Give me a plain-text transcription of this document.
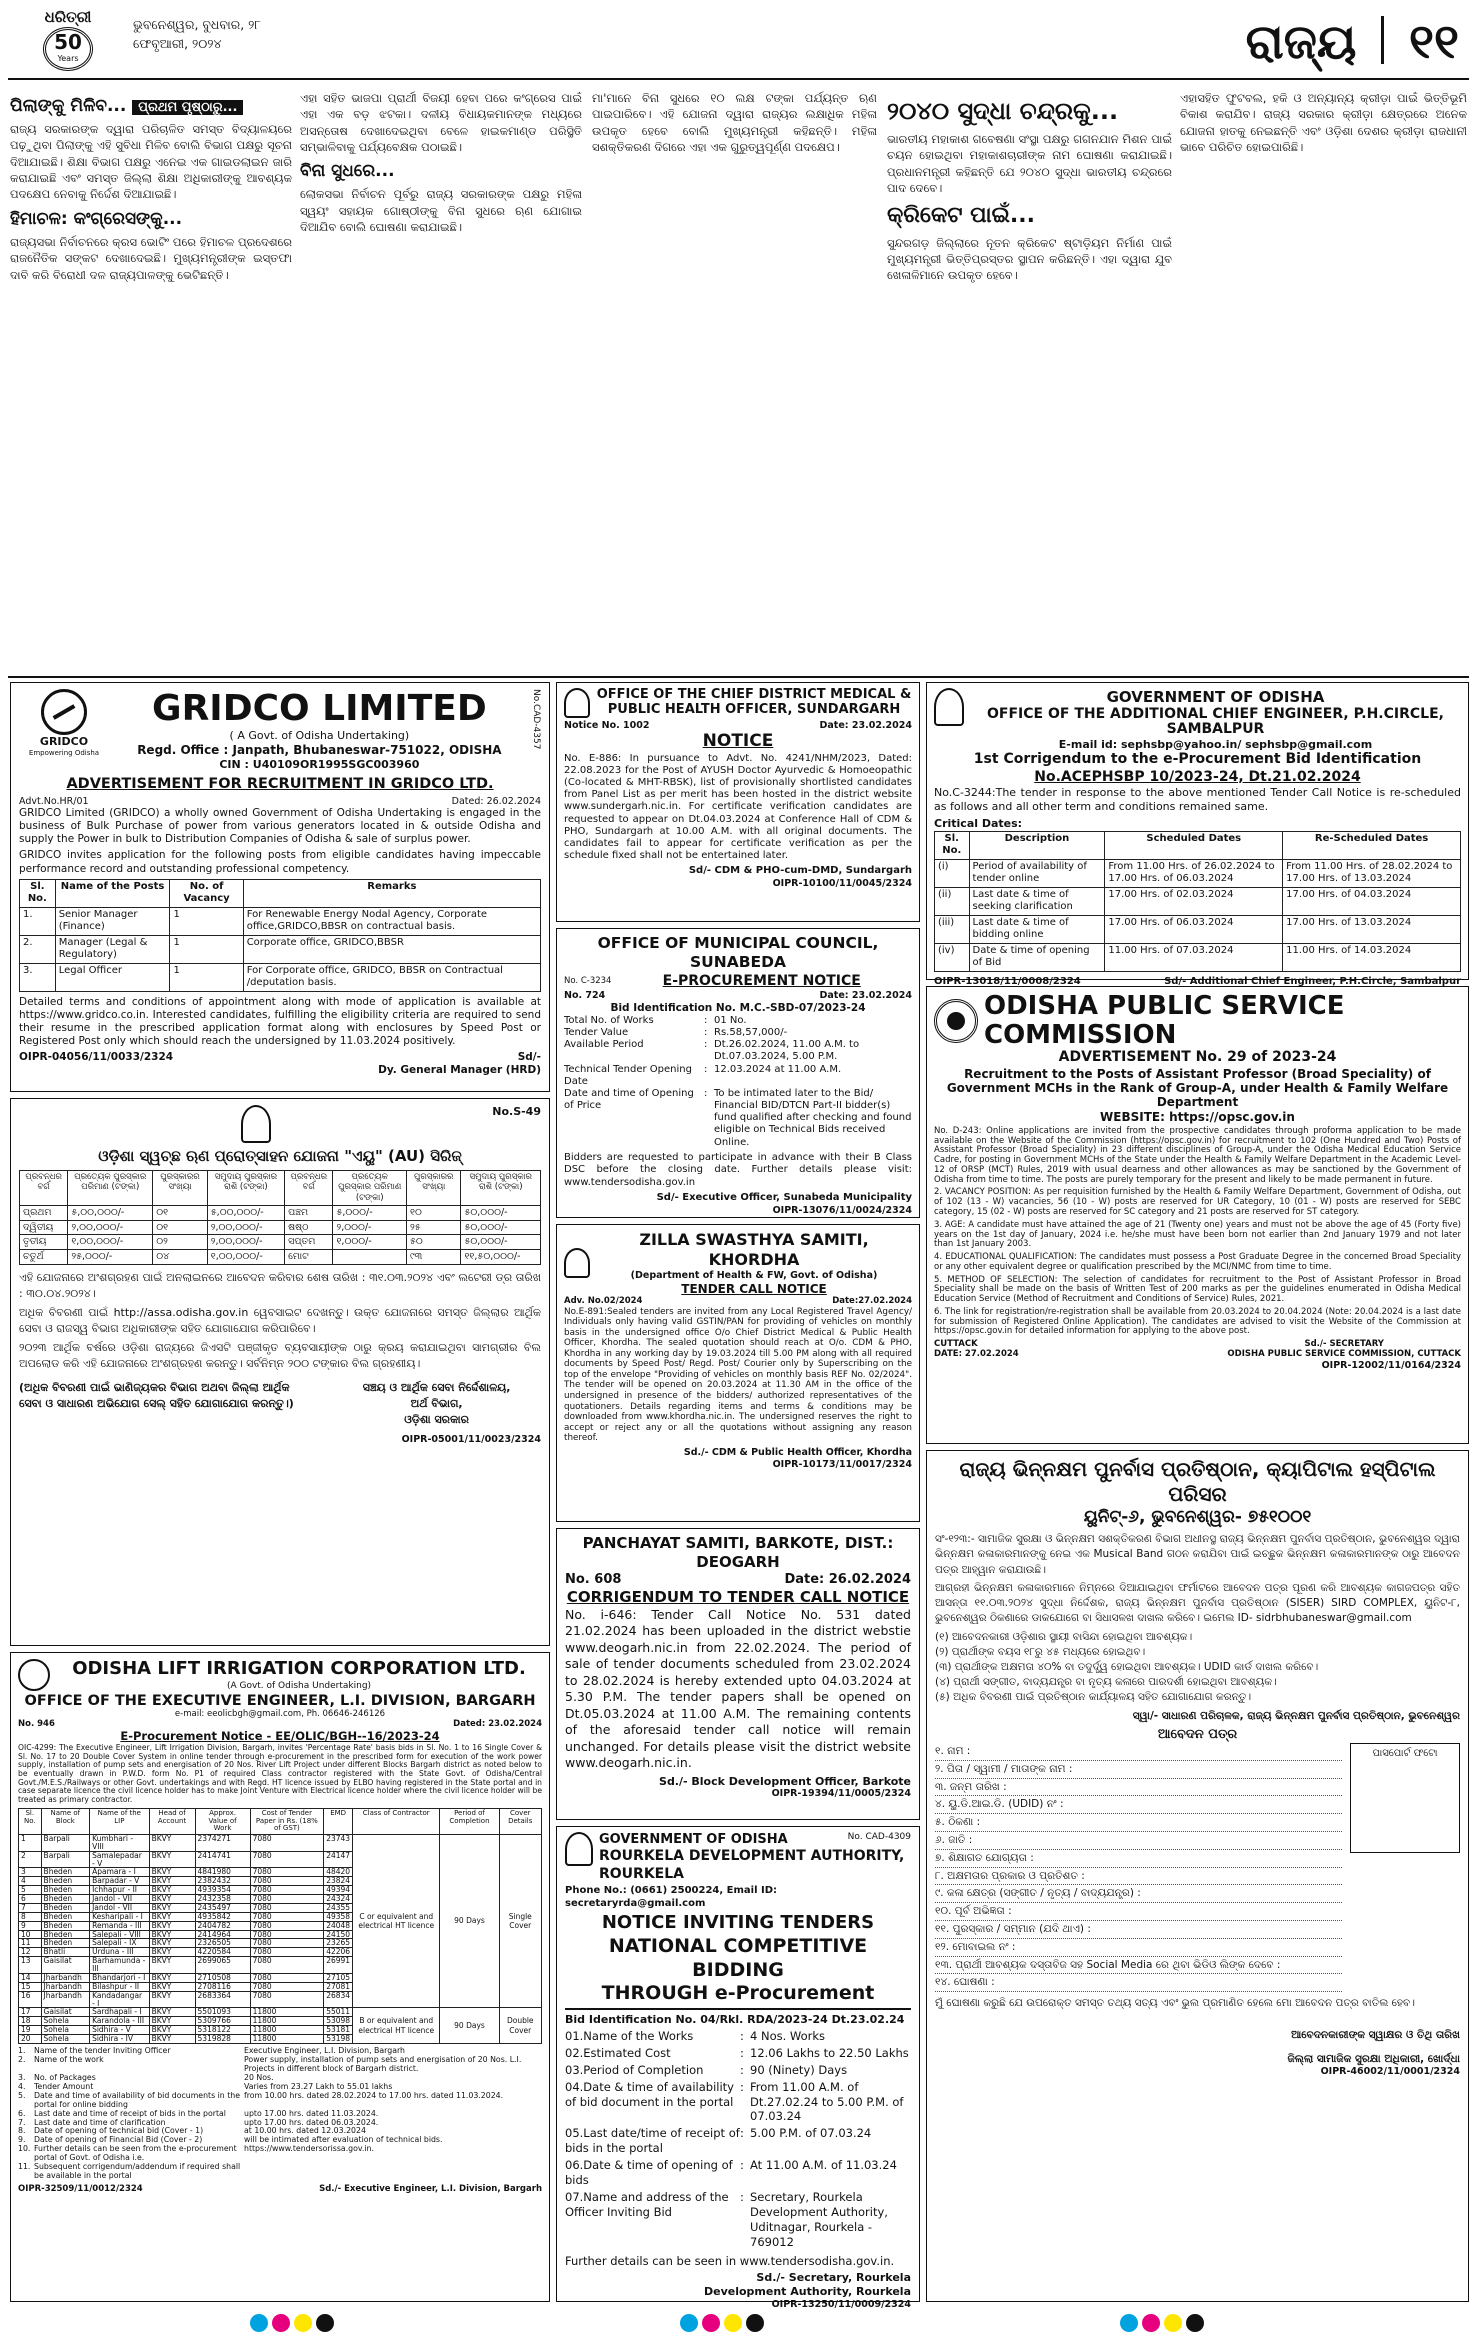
ଧରିତ୍ରୀ
50
Years
ଭୁବନେଶ୍ୱର, ବୁଧବାର, ୨୮ ଫେବୃଆରୀ, ୨୦୨୪	ରାଜ୍ୟ ୧୧
ପିଲାଙ୍କୁ ମିଳିବ... ପ୍ରଥମ ପୃଷ୍ଠାରୁ...

ରାଜ୍ୟ ସରକାରଙ୍କ ଦ୍ୱାରା ପରିଚାଳିତ ସମସ୍ତ ବିଦ୍ୟାଳୟରେ ପଢ଼ୁଥିବା ପିଲାଙ୍କୁ ଏହି ସୁବିଧା ମିଳିବ ବୋଲି ବିଭାଗ ପକ୍ଷରୁ ସୂଚନା ଦିଆଯାଇଛି। ଶିକ୍ଷା ବିଭାଗ ପକ୍ଷରୁ ଏନେଇ ଏକ ଗାଇଡଲାଇନ ଜାରି କରାଯାଇଛି ଏବଂ ସମସ୍ତ ଜିଲ୍ଲା ଶିକ୍ଷା ଅଧିକାରୀଙ୍କୁ ଆବଶ୍ୟକ ପଦକ୍ଷେପ ନେବାକୁ ନିର୍ଦ୍ଦେଶ ଦିଆଯାଇଛି।

ହିମାଚଳ: କଂଗ୍ରେସଙ୍କୁ...

ରାଜ୍ୟସଭା ନିର୍ବାଚନରେ କ୍ରସ ଭୋଟିଂ ପରେ ହିମାଚଳ ପ୍ରଦେଶରେ ରାଜନୈତିକ ସଙ୍କଟ ଦେଖାଦେଇଛି। ମୁଖ୍ୟମନ୍ତ୍ରୀଙ୍କ ଇସ୍ତଫା ଦାବି କରି ବିରୋଧୀ ଦଳ ରାଜ୍ୟପାଳଙ୍କୁ ଭେଟିଛନ୍ତି।

ଏହା ସହିତ ଭାଜପା ପ୍ରାର୍ଥୀ ବିଜୟୀ ହେବା ପରେ କଂଗ୍ରେସ ପାଇଁ ଏହା ଏକ ବଡ଼ ଝଟକା। ଦଳୀୟ ବିଧାୟକମାନଙ୍କ ମଧ୍ୟରେ ଅସନ୍ତୋଷ ଦେଖାଦେଇଥିବା ବେଳେ ହାଇକମାଣ୍ଡ ପରିସ୍ଥିତି ସମ୍ଭାଳିବାକୁ ପର୍ଯ୍ୟବେକ୍ଷକ ପଠାଇଛି।

ବିନା ସୁଧରେ...

ଲୋକସଭା ନିର୍ବାଚନ ପୂର୍ବରୁ ରାଜ୍ୟ ସରକାରଙ୍କ ପକ୍ଷରୁ ମହିଳା ସ୍ୱୟଂ ସହାୟକ ଗୋଷ୍ଠୀଙ୍କୁ ବିନା ସୁଧରେ ଋଣ ଯୋଗାଇ ଦିଆଯିବ ବୋଲି ଘୋଷଣା କରାଯାଇଛି।

ମା'ମାନେ ବିନା ସୁଧରେ ୧୦ ଲକ୍ଷ ଟଙ୍କା ପର୍ଯ୍ୟନ୍ତ ଋଣ ପାଇପାରିବେ। ଏହି ଯୋଜନା ଦ୍ୱାରା ରାଜ୍ୟର ଲକ୍ଷାଧିକ ମହିଳା ଉପକୃତ ହେବେ ବୋଲି ମୁଖ୍ୟମନ୍ତ୍ରୀ କହିଛନ୍ତି। ମହିଳା ସଶକ୍ତିକରଣ ଦିଗରେ ଏହା ଏକ ଗୁରୁତ୍ୱପୂର୍ଣ୍ଣ ପଦକ୍ଷେପ।

୨୦୪୦ ସୁଦ୍ଧା ଚନ୍ଦ୍ରକୁ...

ଭାରତୀୟ ମହାକାଶ ଗବେଷଣା ସଂସ୍ଥା ପକ୍ଷରୁ ଗଗନଯାନ ମିଶନ ପାଇଁ ଚୟନ ହୋଇଥିବା ମହାକାଶଚାରୀଙ୍କ ନାମ ଘୋଷଣା କରାଯାଇଛି। ପ୍ରଧାନମନ୍ତ୍ରୀ କହିଛନ୍ତି ଯେ ୨୦୪୦ ସୁଦ୍ଧା ଭାରତୀୟ ଚନ୍ଦ୍ରରେ ପାଦ ଦେବେ।

କ୍ରିକେଟ ପାଇଁ...

ସୁନ୍ଦରଗଡ଼ ଜିଲ୍ଲାରେ ନୂତନ କ୍ରିକେଟ ଷ୍ଟାଡ଼ିୟମ ନିର୍ମାଣ ପାଇଁ ମୁଖ୍ୟମନ୍ତ୍ରୀ ଭିତ୍ତିପ୍ରସ୍ତର ସ୍ଥାପନ କରିଛନ୍ତି। ଏହା ଦ୍ୱାରା ଯୁବ ଖେଳାଳିମାନେ ଉପକୃତ ହେବେ।

ଏହାସହିତ ଫୁଟବଲ, ହକି ଓ ଅନ୍ୟାନ୍ୟ କ୍ରୀଡ଼ା ପାଇଁ ଭିତ୍ତିଭୂମି ବିକାଶ କରାଯିବ। ରାଜ୍ୟ ସରକାର କ୍ରୀଡ଼ା କ୍ଷେତ୍ରରେ ଅନେକ ଯୋଜନା ହାତକୁ ନେଇଛନ୍ତି ଏବଂ ଓଡ଼ିଶା ଦେଶର କ୍ରୀଡ଼ା ରାଜଧାନୀ ଭାବେ ପରିଚିତ ହୋଇପାରିଛି।

GRIDCO
Empowering Odisha
GRIDCO LIMITED
( A Govt. of Odisha Undertaking)
Regd. Office : Janpath, Bhubaneswar-751022, ODISHA
CIN : U40109OR1995SGC003960
No.CAD-4357
ADVERTISEMENT FOR RECRUITMENT IN GRIDCO LTD.
Advt.No.HR/01	Dated: 26.02.2024

GRIDCO Limited (GRIDCO) a wholly owned Government of Odisha Undertaking is engaged in the business of Bulk Purchase of power from various generators located in & outside Odisha and supply the Power in bulk to Distribution Companies of Odisha & sale of surplus power.

GRIDCO invites application for the following posts from eligible candidates having impeccable performance record and outstanding professional competency.

Sl. No.	Name of the Posts	No. of Vacancy	Remarks
1.	Senior Manager (Finance)	1	For Renewable Energy Nodal Agency, Corporate office,GRIDCO,BBSR on contractual basis.
2.	Manager (Legal & Regulatory)	1	Corporate office, GRIDCO,BBSR
3.	Legal Officer	1	For Corporate office, GRIDCO, BBSR on Contractual /deputation basis.

Detailed terms and conditions of appointment along with mode of application is available at https://www.gridco.co.in. Interested candidates, fulfilling the eligibility criteria are required to send their resume in the prescribed application format along with enclosures by Speed Post or Registered Post only which should reach the undersigned by 11.03.2024 positively.

OIPR-04056/11/0033/2324	Sd/-
Dy. General Manager (HRD)
OFFICE OF THE CHIEF DISTRICT MEDICAL & PUBLIC HEALTH OFFICER, SUNDARGARH
Notice No. 1002	Date: 23.02.2024
NOTICE

No. E-886: In pursuance to Advt. No. 4241/NHM/2023, Dated: 22.08.2023 for the Post of AYUSH Doctor Ayurvedic & Homoeopathic (Co-located & MHT-RBSK), list of provisionally shortlisted candidates from Panel List as per merit has been hosted in the district website www.sundergarh.nic.in. For certificate verification candidates are requested to appear on Dt.04.03.2024 at Conference Hall of CDM & PHO, Sundargarh at 10.00 A.M. with all original documents. The candidates fail to appear for certificate verification as per the schedule fixed shall not be entertained later.

Sd/- CDM & PHO-cum-DMD, Sundargarh
OIPR-10100/11/0045/2324
GOVERNMENT OF ODISHA
OFFICE OF THE ADDITIONAL CHIEF ENGINEER, P.H.CIRCLE, SAMBALPUR
E-mail id: sephsbp@yahoo.in/ sephsbp@gmail.com
1st Corrigendum to the e-Procurement Bid Identification
No.ACEPHSBP 10/2023-24, Dt.21.02.2024

No.C-3244:The tender in response to the above mentioned Tender Call Notice is re-scheduled as follows and all other term and conditions remained same.

Critical Dates:
Sl. No.	Description	Scheduled Dates	Re-Scheduled Dates
(i)	Period of availability of tender online	From 11.00 Hrs. of 26.02.2024 to 17.00 Hrs. of 06.03.2024	From 11.00 Hrs. of 28.02.2024 to 17.00 Hrs. of 13.03.2024
(ii)	Last date & time of seeking clarification	17.00 Hrs. of 02.03.2024	17.00 Hrs. of 04.03.2024
(iii)	Last date & time of bidding online	17.00 Hrs. of 06.03.2024	17.00 Hrs. of 13.03.2024
(iv)	Date & time of opening of Bid	11.00 Hrs. of 07.03.2024	11.00 Hrs. of 14.03.2024
OIPR-13018/11/0008/2324	Sd/- Additional Chief Engineer, P.H.Circle, Sambalpur
OFFICE OF MUNICIPAL COUNCIL, SUNABEDA
No. C-3234	E-PROCUREMENT NOTICE
No. 724	Date: 23.02.2024
Bid Identification No. M.C.-SBD-07/2023-24
Total No. of Works	: 01 No.
Tender Value	: Rs.58,57,000/-
Available Period	: Dt.26.02.2024, 11.00 A.M. to Dt.07.03.2024, 5.00 P.M.
Technical Tender Opening Date
: 12.03.2024 at 11.00 A.M.
Date and time of Opening of Price
: To be intimated later to the Bid/ Financial BID/DTCN Part-II bidder(s) fund qualified after checking and found eligible on Technical Bids received Online.

Bidders are requested to participate in advance with their B Class DSC before the closing date. Further details please visit: www.tendersodisha.gov.in

Sd/- Executive Officer, Sunabeda Municipality
OIPR-13076/11/0024/2324
ODISHA PUBLIC SERVICE COMMISSION
ADVERTISEMENT No. 29 of 2023-24
Recruitment to the Posts of Assistant Professor (Broad Speciality) of Government MCHs in the Rank of Group-A, under Health & Family Welfare Department
WEBSITE: https://opsc.gov.in

No. D-243: Online applications are invited from the prospective candidates through proforma application to be made available on the Website of the Commission (https://opsc.gov.in) for recruitment to 102 (One Hundred and Two) Posts of Assistant Professor (Broad Speciality) in 23 different disciplines of Group-A, under the Odisha Medical Education Service Cadre, for posting in Government MCHs of the State under the Health & Family Welfare Department in the Academic Level-12 of ORSP (MCT) Rules, 2019 with usual dearness and other allowances as may be sanctioned by the Government of Odisha from time to time. The posts are purely temporary for the present and likely to be made permanent in future.

2. VACANCY POSITION: As per requisition furnished by the Health & Family Welfare Department, Government of Odisha, out of 102 (13 - W) vacancies, 56 (10 - W) posts are reserved for UR Category, 10 (01 - W) posts are reserved for SEBC category, 15 (02 - W) posts are reserved for SC category and 21 posts are reserved for ST category.

3. AGE: A candidate must have attained the age of 21 (Twenty one) years and must not be above the age of 45 (Forty five) years on the 1st day of January, 2024 i.e. he/she must have been born not earlier than 2nd January 1979 and not later than 1st January 2003.

4. EDUCATIONAL QUALIFICATION: The candidates must possess a Post Graduate Degree in the concerned Broad Speciality or any other equivalent degree or qualification prescribed by the MCI/NMC from time to time.

5. METHOD OF SELECTION: The selection of candidates for recruitment to the Post of Assistant Professor in Broad Speciality shall be made on the basis of Written Test of 200 marks as per the guidelines enumerated in Odisha Medical Education Service (Method of Recruitment and Conditions of Service) Rules, 2021.

6. The link for registration/re-registration shall be available from 20.03.2024 to 20.04.2024 (Note: 20.04.2024 is a last date for submission of Registered Online Application). The candidates are advised to visit the Website of the Commission at https://opsc.gov.in for detailed information for applying to the above post.

CUTTACK
DATE: 27.02.2024
Sd./- SECRETARY
ODISHA PUBLIC SERVICE COMMISSION, CUTTACK
OIPR-12002/11/0164/2324
No.S-49
ଓଡ଼ିଶା ସ୍ୱଚ୍ଛ ଋଣ ପ୍ରୋତ୍ସାହନ ଯୋଜନା "ଏୟୁ" (AU) ସିରିଜ୍
ପ୍ରବନ୍ଧର ବର୍ଗ	ପ୍ରତ୍ୟେକ ପୁରସ୍କାର ପରିମାଣ (ଟଙ୍କା)	ପୁରସ୍କାରର ସଂଖ୍ୟା	ସମୁଦାୟ ପୁରସ୍କାର ରାଶି (ଟଙ୍କା)	ପ୍ରବନ୍ଧର ବର୍ଗ	ପ୍ରତ୍ୟେକ ପୁରସ୍କାର ପରିମାଣ (ଟଙ୍କା)	ପୁରସ୍କାରର ସଂଖ୍ୟା	ସମୁଦାୟ ପୁରସ୍କାର ରାଶି (ଟଙ୍କା)
ପ୍ରଥମ	୫,୦୦,୦୦୦/-	୦୧	୫,୦୦,୦୦୦/-	ପଞ୍ଚମ	୫,୦୦୦/-	୧୦	୫୦,୦୦୦/-
ଦ୍ୱିତୀୟ	୨,୦୦,୦୦୦/-	୦୧	୨,୦୦,୦୦୦/-	ଷଷ୍ଠ	୨,୦୦୦/-	୨୫	୫୦,୦୦୦/-
ତୃତୀୟ	୧,୦୦,୦୦୦/-	୦୨	୨,୦୦,୦୦୦/-	ସପ୍ତମ	୧,୦୦୦/-	୫୦	୫୦,୦୦୦/-
ଚତୁର୍ଥ	୨୫,୦୦୦/-	୦୪	୧,୦୦,୦୦୦/-	ମୋଟ		୯୩	୧୧,୫୦,୦୦୦/-

ଏହି ଯୋଜନାରେ ଅଂଶଗ୍ରହଣ ପାଇଁ ଅନଲାଇନରେ ଆବେଦନ କରିବାର ଶେଷ ତାରିଖ : ୩୧.୦୩.୨୦୨୪ ଏବଂ ଲଟେରୀ ଡ୍ର ତାରିଖ : ୩୦.୦୪.୨୦୨୪।

ଅଧିକ ବିବରଣୀ ପାଇଁ http://assa.odisha.gov.in ୱେବସାଇଟ ଦେଖନ୍ତୁ। ଉକ୍ତ ଯୋଜନାରେ ସମସ୍ତ ଜିଲ୍ଲାର ଆର୍ଥିକ ସେବା ଓ ରାଜସ୍ୱ ବିଭାଗ ଅଧିକାରୀଙ୍କ ସହିତ ଯୋଗାଯୋଗ କରିପାରିବେ।

୨୦୨୩ ଆର୍ଥିକ ବର୍ଷରେ ଓଡ଼ିଶା ରାଜ୍ୟରେ ଜିଏସଟି ପଞ୍ଜୀକୃତ ବ୍ୟବସାୟୀଙ୍କ ଠାରୁ କ୍ରୟ କରାଯାଇଥିବା ସାମଗ୍ରୀର ବିଲ ଅପଲୋଡ କରି ଏହି ଯୋଜନାରେ ଅଂଶଗ୍ରହଣ କରନ୍ତୁ। ସର୍ବନିମ୍ନ ୨୦୦ ଟଙ୍କାର ବିଲ ଗ୍ରହଣୀୟ।

(ଅଧିକ ବିବରଣୀ ପାଇଁ ଭାଣିଜ୍ୟକର ବିଭାଗ ଅଥବା ଜିଲ୍ଲା ଆର୍ଥିକ ସେବା ଓ ସାଧାରଣ ଅଭିଯୋଗ ସେଲ୍ ସହିତ ଯୋଗାଯୋଗ କରନ୍ତୁ।)
ସଞ୍ଚୟ ଓ ଆର୍ଥିକ ସେବା ନିର୍ଦ୍ଦେଶାଳୟ,
ଅର୍ଥ ବିଭାଗ,
ଓଡ଼ିଶା ସରକାର
OIPR-05001/11/0023/2324
ZILLA SWASTHYA SAMITI, KHORDHA
(Department of Health & FW, Govt. of Odisha)
TENDER CALL NOTICE
Adv. No.02/2024	Date:27.02.2024

No.E-891:Sealed tenders are invited from any Local Registered Travel Agency/ Individuals only having valid GSTIN/PAN for providing of vehicles on monthly basis in the undersigned office O/o Chief District Medical & Public Health Officer, Khordha. The sealed quotation should reach at O/o. CDM & PHO, Khordha in any working day by 19.03.2024 till 5.00 PM along with all required documents by Speed Post/ Regd. Post/ Courier only by Superscribing on the top of the envelope "Providing of vehicles on monthly basis REF No. 02/2024". The tender will be opened on 20.03.2024 at 11.30 AM in the office of the undersigned in presence of the bidders/ authorized representatives of the quotationers. Details regarding items and terms & conditions may be downloaded from www.khordha.nic.in. The undersigned reserves the right to accept or reject any or all the quotations without assigning any reason thereof.

Sd./- CDM & Public Health Officer, Khordha
OIPR-10173/11/0017/2324	ରାଜ୍ୟ ଭିନ୍ନକ୍ଷମ ପୁନର୍ବାସ ପ୍ରତିଷ୍ଠାନ, କ୍ୟାପିଟାଲ ହସ୍ପିଟାଲ ପରିସର
ୟୁନିଟ୍-୬, ଭୁବନେଶ୍ୱର- ୭୫୧୦୦୧

ସଂ-୧୨୩:- ସାମାଜିକ ସୁରକ୍ଷା ଓ ଭିନ୍ନକ୍ଷମ ସଶକ୍ତିକରଣ ବିଭାଗ ଅଧୀନସ୍ଥ ରାଜ୍ୟ ଭିନ୍ନକ୍ଷମ ପୁନର୍ବାସ ପ୍ରତିଷ୍ଠାନ, ଭୁବନେଶ୍ୱର ଦ୍ୱାରା ଭିନ୍ନକ୍ଷମ କଳାକାରମାନଙ୍କୁ ନେଇ ଏକ Musical Band ଗଠନ କରାଯିବା ପାଇଁ ଇଚ୍ଛୁକ ଭିନ୍ନକ୍ଷମ କଳାକାରମାନଙ୍କ ଠାରୁ ଆବେଦନ ପତ୍ର ଆହ୍ୱାନ କରାଯାଉଛି।

ଆଗ୍ରହୀ ଭିନ୍ନକ୍ଷମ କଳାକାରମାନେ ନିମ୍ନରେ ଦିଆଯାଇଥିବା ଫର୍ମାଟରେ ଆବେଦନ ପତ୍ର ପୂରଣ କରି ଆବଶ୍ୟକ କାଗଜପତ୍ର ସହିତ ଆସନ୍ତା ୧୧.୦୩.୨୦୨୪ ସୁଦ୍ଧା ନିର୍ଦ୍ଦେଶକ, ରାଜ୍ୟ ଭିନ୍ନକ୍ଷମ ପୁନର୍ବାସ ପ୍ରତିଷ୍ଠାନ (SISER) SIRD COMPLEX, ୟୁନିଟ-୮, ଭୁବନେଶ୍ୱର ଠିକଣାରେ ଡାକଯୋଗେ ବା ସିଧାସଳଖ ଦାଖଲ କରିବେ। ଇମେଲ ID- sidrbhubaneswar@gmail.com

(୧) ଆବେଦନକାରୀ ଓଡ଼ିଶାର ସ୍ଥାୟୀ ବାସିନ୍ଦା ହୋଇଥିବା ଆବଶ୍ୟକ।
(୨) ପ୍ରାର୍ଥୀଙ୍କ ବୟସ ୧୮ରୁ ୪୫ ମଧ୍ୟରେ ହୋଇଥିବ।
(୩) ପ୍ରାର୍ଥୀଙ୍କ ଅକ୍ଷମତା ୪୦% ବା ତଦୁର୍ଦ୍ଧ୍ୱ ହୋଇଥିବା ଆବଶ୍ୟକ। UDID କାର୍ଡ ଦାଖଲ କରିବେ।
(୪) ପ୍ରାର୍ଥୀ ସଙ୍ଗୀତ, ବାଦ୍ୟଯନ୍ତ୍ର ବା ନୃତ୍ୟ କଳାରେ ପାରଦର୍ଶୀ ହୋଇଥିବା ଆବଶ୍ୟକ।
(୫) ଅଧିକ ବିବରଣୀ ପାଇଁ ପ୍ରତିଷ୍ଠାନ କାର୍ଯ୍ୟାଳୟ ସହିତ ଯୋଗାଯୋଗ କରନ୍ତୁ।
ସ୍ୱା/- ସାଧାରଣ ପରିଚାଳକ, ରାଜ୍ୟ ଭିନ୍ନକ୍ଷମ ପୁନର୍ବାସ ପ୍ରତିଷ୍ଠାନ, ଭୁବନେଶ୍ୱର
ଆବେଦନ ପତ୍ର
୧. ନାମ :
୨. ପିତା / ସ୍ୱାମୀ / ମାତାଙ୍କ ନାମ :
୩. ଜନ୍ମ ତାରିଖ :
୪. ୟୁ.ଡି.ଆଇ.ଡି. (UDID) ନଂ :
୫. ଠିକଣା :
୬. ଜାତି :
୭. ଶିକ୍ଷାଗତ ଯୋଗ୍ୟତା :
୮. ଅକ୍ଷମତାର ପ୍ରକାର ଓ ପ୍ରତିଶତ :
୯. କଳା କ୍ଷେତ୍ର (ସଙ୍ଗୀତ / ନୃତ୍ୟ / ବାଦ୍ୟଯନ୍ତ୍ର) :
୧୦. ପୂର୍ବ ଅଭିଜ୍ଞତା :
୧୧. ପୁରସ୍କାର / ସମ୍ମାନ (ଯଦି ଥାଏ) :
୧୨. ମୋବାଇଲ ନଂ :
୧୩. ପ୍ରାର୍ଥୀ ଆବଶ୍ୟକ ଦସ୍ତାବିଜ ସହ Social Media ରେ ଥିବା ଭିଡିଓ ଲିଙ୍କ ଦେବେ :
୧୪. ଘୋଷଣା :
ପାସପୋର୍ଟ ଫଟୋ

ମୁଁ ଘୋଷଣା କରୁଛି ଯେ ଉପରୋକ୍ତ ସମସ୍ତ ତଥ୍ୟ ସତ୍ୟ ଏବଂ ଭୁଲ ପ୍ରମାଣିତ ହେଲେ ମୋ ଆବେଦନ ପତ୍ର ବାତିଲ ହେବ।

ଆବେଦନକାରୀଙ୍କ ସ୍ୱାକ୍ଷର ଓ ତିଥି ତାରିଖ
ଜିଲ୍ଲା ସାମାଜିକ ସୁରକ୍ଷା ଅଧିକାରୀ, ଖୋର୍ଦ୍ଧା
OIPR-46002/11/0001/2324
PANCHAYAT SAMITI, BARKOTE, DIST.: DEOGARH
No. 608	Date: 26.02.2024
CORRIGENDUM TO TENDER CALL NOTICE

No. i-646: Tender Call Notice No. 531 dated 21.02.2024 has been uploaded in the district webstie www.deogarh.nic.in from 22.02.2024. The period of sale of tender documents scheduled from 23.02.2024 to 28.02.2024 is hereby extended upto 04.03.2024 at 5.30 P.M. The tender papers shall be opened on Dt.05.03.2024 at 11.00 A.M. The remaining contents of the aforesaid tender call notice will remain unchanged. For details please visit the district website www.deogarh.nic.in.

Sd./- Block Development Officer, Barkote
OIPR-19394/11/0005/2324
ODISHA LIFT IRRIGATION CORPORATION LTD.
(A Govt. of Odisha Undertaking)
OFFICE OF THE EXECUTIVE ENGINEER, L.I. DIVISION, BARGARH
e-mail: eeolicbgh@gmail.com, Ph. 06646-246126
No. 946	Dated: 23.02.2024
E-Procurement Notice - EE/OLIC/BGH--16/2023-24

OIC-4299: The Executive Engineer, Lift Irrigation Division, Bargarh, invites 'Percentage Rate' basis bids in Sl. No. 1 to 16 Single Cover & Sl. No. 17 to 20 Double Cover System in online tender through e-procurement in the prescribed form for execution of the work power supply, installation of pump sets and energisation of 20 Nos. River Lift Project under different Blocks Bargarh district as noted below to be eventually drawn in P.W.D. form No. P1 of required Class contractor registered with the State Govt. of Odisha/Central Govt./M.E.S./Railways or other Govt. undertakings and with Regd. HT licence issued by ELBO having registered in the State portal and in case separate licence the civil licence holder has to make Joint Venture with Electrical licence holder where the civil licence holder will be treated as primary contractor.

Sl. No.	Name of Block	Name of the LIP	Head of Account	Approx. Value of Work	Cost of Tender Paper in Rs. (18% of GST)	EMD	Class of Contractor	Period of Completion	Cover Details
1	Barpali	Kumbhari - VIII	BKVY	2374271	7080	23743	C or equivalent and electrical HT licence	90 Days	Single Cover
2	Barpali	Samalepadar - V	BKVY	2414741	7080	24147			
3	Bheden	Apamara - I	BKVY	4841980	7080	48420			
4	Bheden	Barpadar - V	BKVY	2382432	7080	23824			
5	Bheden	Ichhapur - II	BKVY	4939354	7080	49394			
6	Bheden	Jandol - VII	BKVY	2432358	7080	24324			
7	Bheden	Jandol - VII	BKVY	2435497	7080	24355			
8	Bheden	Kesharipali - I	BKVY	4935842	7080	49358			
9	Bheden	Remanda - III	BKVY	2404782	7080	24048			
10	Bheden	Salepali - VIII	BKVY	2414964	7080	24150			
11	Bheden	Salepali - IX	BKVY	2326505	7080	23265			
12	Bhatli	Urduna - III	BKVY	4220584	7080	42206			
13	Gaisilat	Barhamunda - III	BKVY	2699065	7080	26991			
14	Jharbandh	Bhandarjori - I	BKVY	2710508	7080	27105			
15	Jharbandh	Bilashpur - II	BKVY	2708116	7080	27081			
16	Jharbandh	Kandadangar - I	BKVY	2683364	7080	26834			
17	Gaisilat	Sardhapali - I	BKVY	5501093	11800	55011	B or equivalent and electrical HT licence	90 Days	Double Cover
18	Sohela	Karandola - III	BKVY	5309766	11800	53098			
19	Sohela	Sidhira - V	BKVY	5318122	11800	53181			
20	Sohela	Sidhira - IV	BKVY	5319828	11800	53198			
1.	Name of the tender Inviting Officer	Executive Engineer, L.I. Division, Bargarh
2.	Name of the work	Power supply, installation of pump sets and energisation of 20 Nos. L.I. Projects in different block of Bargarh district.
3.	No. of Packages	20 Nos.
4.	Tender Amount	Varies from 23.27 Lakh to 55.01 lakhs
5.	Date and time of availability of bid documents in the portal for online bidding
from 10.00 hrs. dated 28.02.2024 to 17.00 hrs. dated 11.03.2024.
6.	Last date and time of receipt of bids in the portal	upto 17.00 hrs. dated 11.03.2024.
7.	Last date and time of clarification	upto 17.00 hrs. dated 06.03.2024.
8.	Date of opening of technical bid (Cover - 1)	at 10.00 hrs. dated 12.03.2024
9.	Date of opening of Financial Bid (Cover - 2)	will be intimated after evaluation of technical bids.
10. Further details can be seen from the e-procurement portal of Govt. of Odisha i.e.
https://www.tendersorissa.gov.in.
11. Subsequent corrigendum/addendum if required shall be available in the portal
OIPR-32509/11/0012/2324	Sd./- Executive Engineer, L.I. Division, Bargarh
GOVERNMENT OF ODISHA	No. CAD-4309
ROURKELA DEVELOPMENT AUTHORITY, ROURKELA
Phone No.: (0661) 2500224, Email ID: secretaryrda@gmail.com
NOTICE INVITING TENDERS
NATIONAL COMPETITIVE BIDDING
THROUGH e-Procurement
Bid Identification No. 04/Rkl. RDA/2023-24 Dt.23.02.24
01.Name of the Works	: 4 Nos. Works
02.Estimated Cost	: 12.06 Lakhs to 22.50 Lakhs
03.Period of Completion	: 90 (Ninety) Days
04.Date & time of availability of bid document in the portal
: From 11.00 A.M. of Dt.27.02.24 to 5.00 P.M. of 07.03.24
05.Last date/time of receipt of bids in the portal
: 5.00 P.M. of 07.03.24
06.Date & time of opening of bids
: At 11.00 A.M. of 11.03.24
07.Name and address of the Officer Inviting Bid
: Secretary, Rourkela Development Authority, Uditnagar, Rourkela - 769012

Further details can be seen in www.tendersodisha.gov.in.

Sd./- Secretary, Rourkela
Development Authority, Rourkela
OIPR-13250/11/0009/2324
